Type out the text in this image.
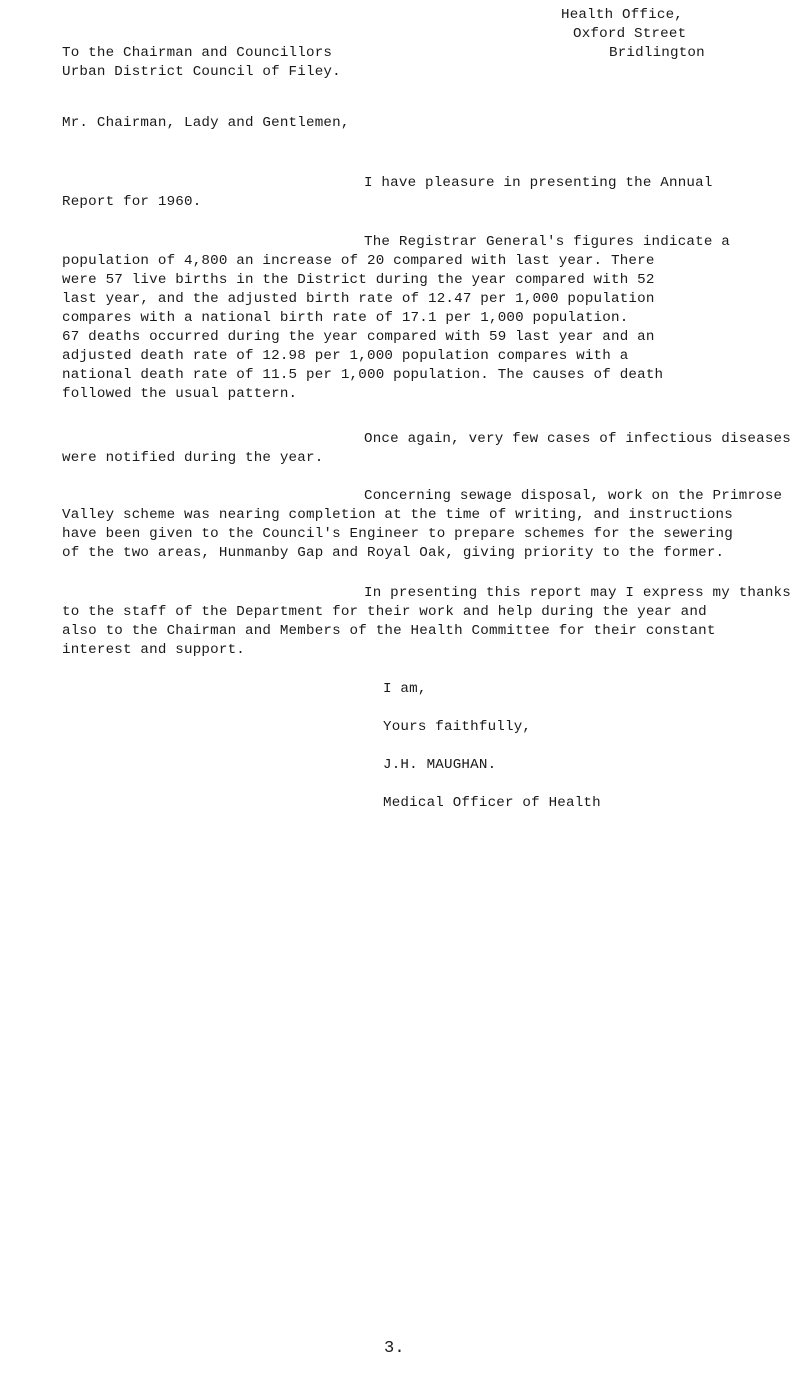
Health Office,
Oxford Street
Bridlington
To the Chairman and Councillors
Urban District Council of Filey.
Mr. Chairman, Lady and Gentlemen,
I have pleasure in presenting the Annual
Report for 1960.
The Registrar General's figures indicate a
population of 4,800 an increase of 20 compared with last year. There
were 57 live births in the District during the year compared with 52
last year, and the adjusted birth rate of 12.47 per 1,000 population
compares with a national birth rate of 17.1 per 1,000 population.
67 deaths occurred during the year compared with 59 last year and an
adjusted death rate of 12.98 per 1,000 population compares with a
national death rate of 11.5 per 1,000 population. The causes of death
followed the usual pattern.
Once again, very few cases of infectious diseases
were notified during the year.
Concerning sewage disposal, work on the Primrose
Valley scheme was nearing completion at the time of writing, and instructions
have been given to the Council's Engineer to prepare schemes for the sewering
of the two areas, Hunmanby Gap and Royal Oak, giving priority to the former.
In presenting this report may I express my thanks
to the staff of the Department for their work and help during the year and
also to the Chairman and Members of the Health Committee for their constant
interest and support.
I am,
Yours faithfully,
J.H. MAUGHAN.
Medical Officer of Health
3.
